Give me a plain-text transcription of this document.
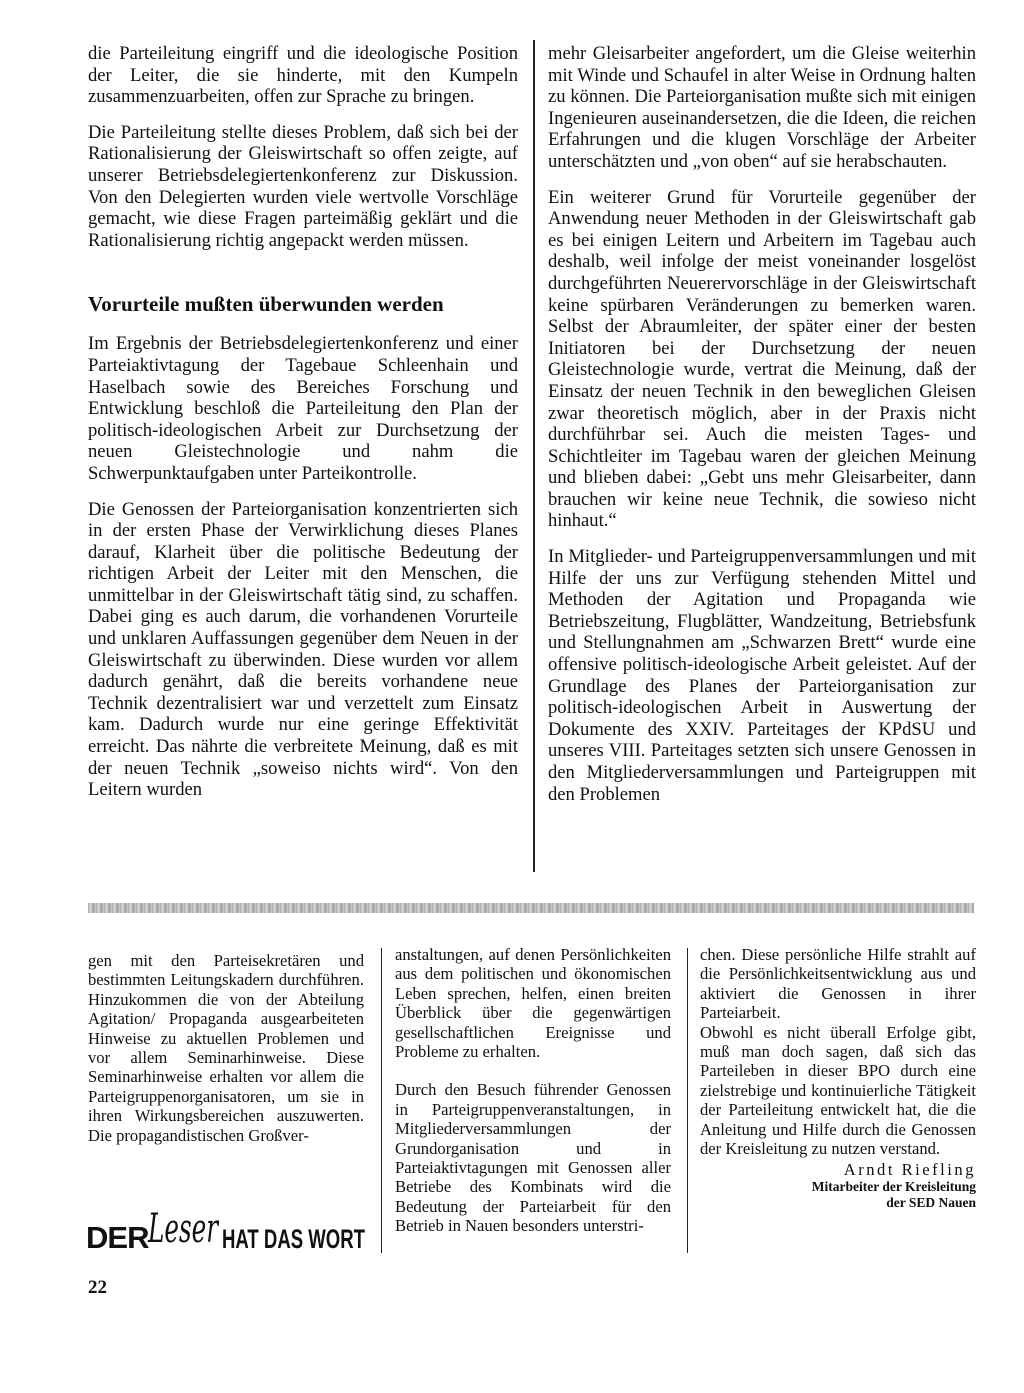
die Parteileitung eingriff und die ideologische Position der Leiter, die sie hinderte, mit den Kumpeln zusammenzuarbeiten, offen zur Sprache zu bringen.

Die Parteileitung stellte dieses Problem, daß sich bei der Rationalisierung der Gleiswirtschaft so offen zeigte, auf unserer Betriebsdelegiertenkonferenz zur Diskussion. Von den Delegierten wurden viele wertvolle Vorschläge gemacht, wie diese Fragen parteimäßig geklärt und die Rationalisierung richtig angepackt werden müssen.

Vorurteile mußten überwunden werden

Im Ergebnis der Betriebsdelegiertenkonferenz und einer Parteiaktivtagung der Tagebaue Schleenhain und Haselbach sowie des Bereiches Forschung und Entwicklung beschloß die Parteileitung den Plan der politisch-ideologischen Arbeit zur Durchsetzung der neuen Gleistechnologie und nahm die Schwerpunktaufgaben unter Parteikontrolle.

Die Genossen der Parteiorganisation konzentrierten sich in der ersten Phase der Verwirklichung dieses Planes darauf, Klarheit über die politische Bedeutung der richtigen Arbeit der Leiter mit den Menschen, die unmittelbar in der Gleiswirtschaft tätig sind, zu schaffen. Dabei ging es auch darum, die vorhandenen Vorurteile und unklaren Auffassungen gegenüber dem Neuen in der Gleiswirtschaft zu überwinden. Diese wurden vor allem dadurch genährt, daß die bereits vorhandene neue Technik dezentralisiert war und verzettelt zum Einsatz kam. Dadurch wurde nur eine geringe Effektivität erreicht. Das nährte die verbreitete Meinung, daß es mit der neuen Technik „soweiso nichts wird“. Von den Leitern wurden

mehr Gleisarbeiter angefordert, um die Gleise weiterhin mit Winde und Schaufel in alter Weise in Ordnung halten zu können. Die Parteiorganisation mußte sich mit einigen Ingenieuren auseinandersetzen, die die Ideen, die reichen Erfahrungen und die klugen Vorschläge der Arbeiter unterschätzten und „von oben“ auf sie herabschauten.

Ein weiterer Grund für Vorurteile gegenüber der Anwendung neuer Methoden in der Gleiswirtschaft gab es bei einigen Leitern und Arbeitern im Tagebau auch deshalb, weil infolge der meist voneinander losgelöst durchgeführten Neuerervorschläge in der Gleiswirtschaft keine spürbaren Veränderungen zu bemerken waren. Selbst der Abraumleiter, der später einer der besten Initiatoren bei der Durchsetzung der neuen Gleistechnologie wurde, vertrat die Meinung, daß der Einsatz der neuen Technik in den beweglichen Gleisen zwar theoretisch möglich, aber in der Praxis nicht durchführbar sei. Auch die meisten Tages- und Schichtleiter im Tagebau waren der gleichen Meinung und blieben dabei: „Gebt uns mehr Gleisarbeiter, dann brauchen wir keine neue Technik, die sowieso nicht hinhaut.“

In Mitglieder- und Parteigruppenversammlungen und mit Hilfe der uns zur Verfügung stehenden Mittel und Methoden der Agitation und Propaganda wie Betriebszeitung, Flugblätter, Wandzeitung, Betriebsfunk und Stellungnahmen am „Schwarzen Brett“ wurde eine offensive politisch-ideologische Arbeit geleistet. Auf der Grundlage des Planes der Parteiorganisation zur politisch-ideologischen Arbeit in Auswertung der Dokumente des XXIV. Parteitages der KPdSU und unseres VIII. Parteitages setzten sich unsere Genossen in den Mitgliederversammlungen und Parteigruppen mit den Problemen

gen mit den Parteisekretären und bestimmten Leitungskadern durchführen. Hinzukommen die von der Abteilung Agitation/ Propaganda ausgearbeiteten Hinweise zu aktuellen Problemen und vor allem Seminarhinweise. Diese Seminarhinweise erhalten vor allem die Parteigruppenorganisatoren, um sie in ihren Wirkungsbereichen auszuwerten. Die propagandistischen Großver-

anstaltungen, auf denen Persönlichkeiten aus dem politischen und ökonomischen Leben sprechen, helfen, einen breiten Überblick über die gegenwärtigen gesellschaftlichen Ereignisse und Probleme zu erhalten.

Durch den Besuch führender Genossen in Parteigruppenveranstaltungen, in Mitgliederversammlungen der Grundorganisation und in Parteiaktivtagungen mit Genossen aller Betriebe des Kombinats wird die Bedeutung der Parteiarbeit für den Betrieb in Nauen besonders unterstri-

chen. Diese persönliche Hilfe strahlt auf die Persönlichkeitsentwicklung aus und aktiviert die Genossen in ihrer Parteiarbeit.

Obwohl es nicht überall Erfolge gibt, muß man doch sagen, daß sich das Parteileben in dieser BPO durch eine zielstrebige und kontinuierliche Tätigkeit der Parteileitung entwickelt hat, die die Anleitung und Hilfe durch die Genossen der Kreisleitung zu nutzen verstand.

Arndt Riefling
Mitarbeiter der Kreisleitung
der SED Nauen
DER
Leser HAT DAS WORT
22
